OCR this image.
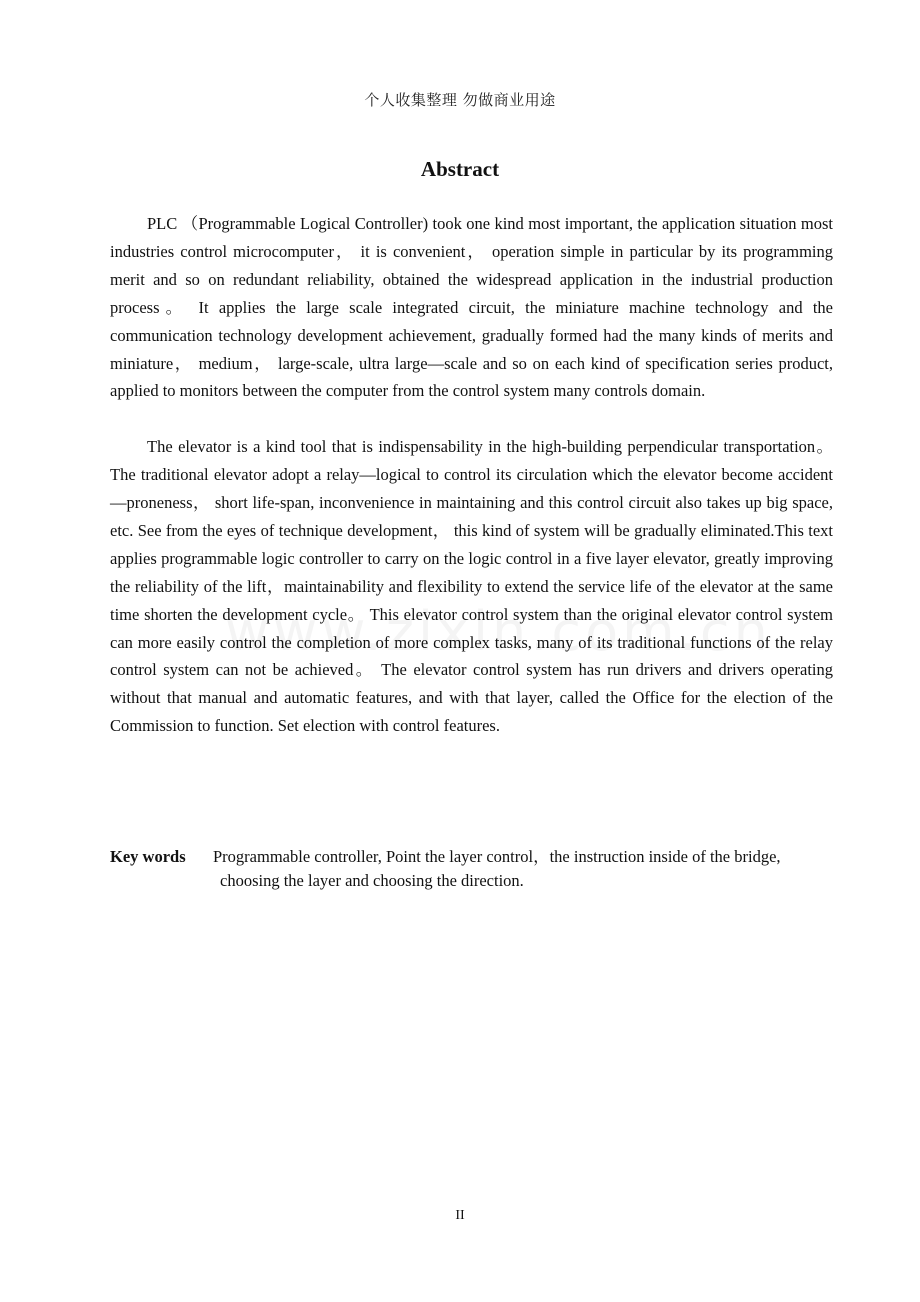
个人收集整理 勿做商业用途
Abstract

PLC （Programmable Logical Controller) took one kind most important, the application situation most industries control microcomputer， it is convenient， operation simple in particular by its programming merit and so on redundant reliability, obtained the widespread application in the industrial production process。 It applies the large scale integrated circuit, the miniature machine technology and the communication technology development achievement, gradually formed had the many kinds of merits and miniature， medium， large-scale, ultra large—scale and so on each kind of specification series product, applied to monitors between the computer from the control system many controls domain.

The elevator is a kind tool that is indispensability in the high-building perpendicular transportation。 The traditional elevator adopt a relay—logical to control its circulation which the elevator become accident—proneness， short life-span, inconvenience in maintaining and this control circuit also takes up big space, etc. See from the eyes of technique development， this kind of system will be gradually eliminated.This text applies programmable logic controller to carry on the logic control in a five layer elevator, greatly improving the reliability of the lift，maintainability and flexibility to extend the service life of the elevator at the same time shorten the development cycle。 This elevator control system than the original elevator control system can more easily control the completion of more complex tasks, many of its traditional functions of the relay control system can not be achieved。 The elevator control system has run drivers and drivers operating without that manual and automatic features, and with that layer, called the Office for the election of the Commission to function. Set election with control features.

Key words Programmable controller, Point the layer control，the instruction inside of the bridge,
choosing the layer and choosing the direction.
II
